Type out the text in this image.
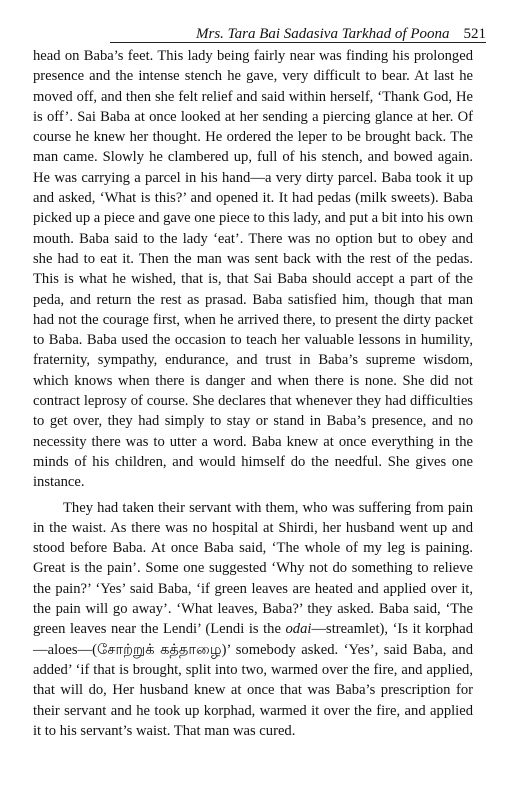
Mrs. Tara Bai Sadasiva Tarkhad of Poona 521

head on Baba’s feet. This lady being fairly near was finding his prolonged presence and the intense stench he gave, very difficult to bear. At last he moved off, and then she felt relief and said within herself, ‘Thank God, He is off’. Sai Baba at once looked at her sending a piercing glance at her. Of course he knew her thought. He ordered the leper to be brought back. The man came. Slowly he clambered up, full of his stench, and bowed again. He was carrying a parcel in his hand—a very dirty parcel. Baba took it up and asked, ‘What is this?’ and opened it. It had pedas (milk sweets). Baba picked up a piece and gave one piece to this lady, and put a bit into his own mouth. Baba said to the lady ‘eat’. There was no option but to obey and she had to eat it. Then the man was sent back with the rest of the pedas. This is what he wished, that is, that Sai Baba should accept a part of the peda, and return the rest as prasad. Baba satisfied him, though that man had not the courage first, when he arrived there, to present the dirty packet to Baba. Baba used the occasion to teach her valuable lessons in humility, fraternity, sympathy, endurance, and trust in Baba’s supreme wisdom, which knows when there is danger and when there is none. She did not contract leprosy of course. She declares that whenever they had difficulties to get over, they had simply to stay or stand in Baba’s presence, and no necessity there was to utter a word. Baba knew at once everything in the minds of his children, and would himself do the needful. She gives one instance.

They had taken their servant with them, who was suffering from pain in the waist. As there was no hospital at Shirdi, her husband went up and stood before Baba. At once Baba said, ‘The whole of my leg is paining. Great is the pain’. Some one suggested ‘Why not do something to relieve the pain?’ ‘Yes’ said Baba, ‘if green leaves are heated and applied over it, the pain will go away’. ‘What leaves, Baba?’ they asked. Baba said, ‘The green leaves near the Lendi’ (Lendi is the odai—streamlet), ‘Is it korphad—aloes—(சோற்றுக் கத்தாழை)’ somebody asked. ‘Yes’, said Baba, and added’ ‘if that is brought, split into two, warmed over the fire, and applied, that will do, Her husband knew at once that was Baba’s prescription for their servant and he took up korphad, warmed it over the fire, and applied it to his servant’s waist. That man was cured.
